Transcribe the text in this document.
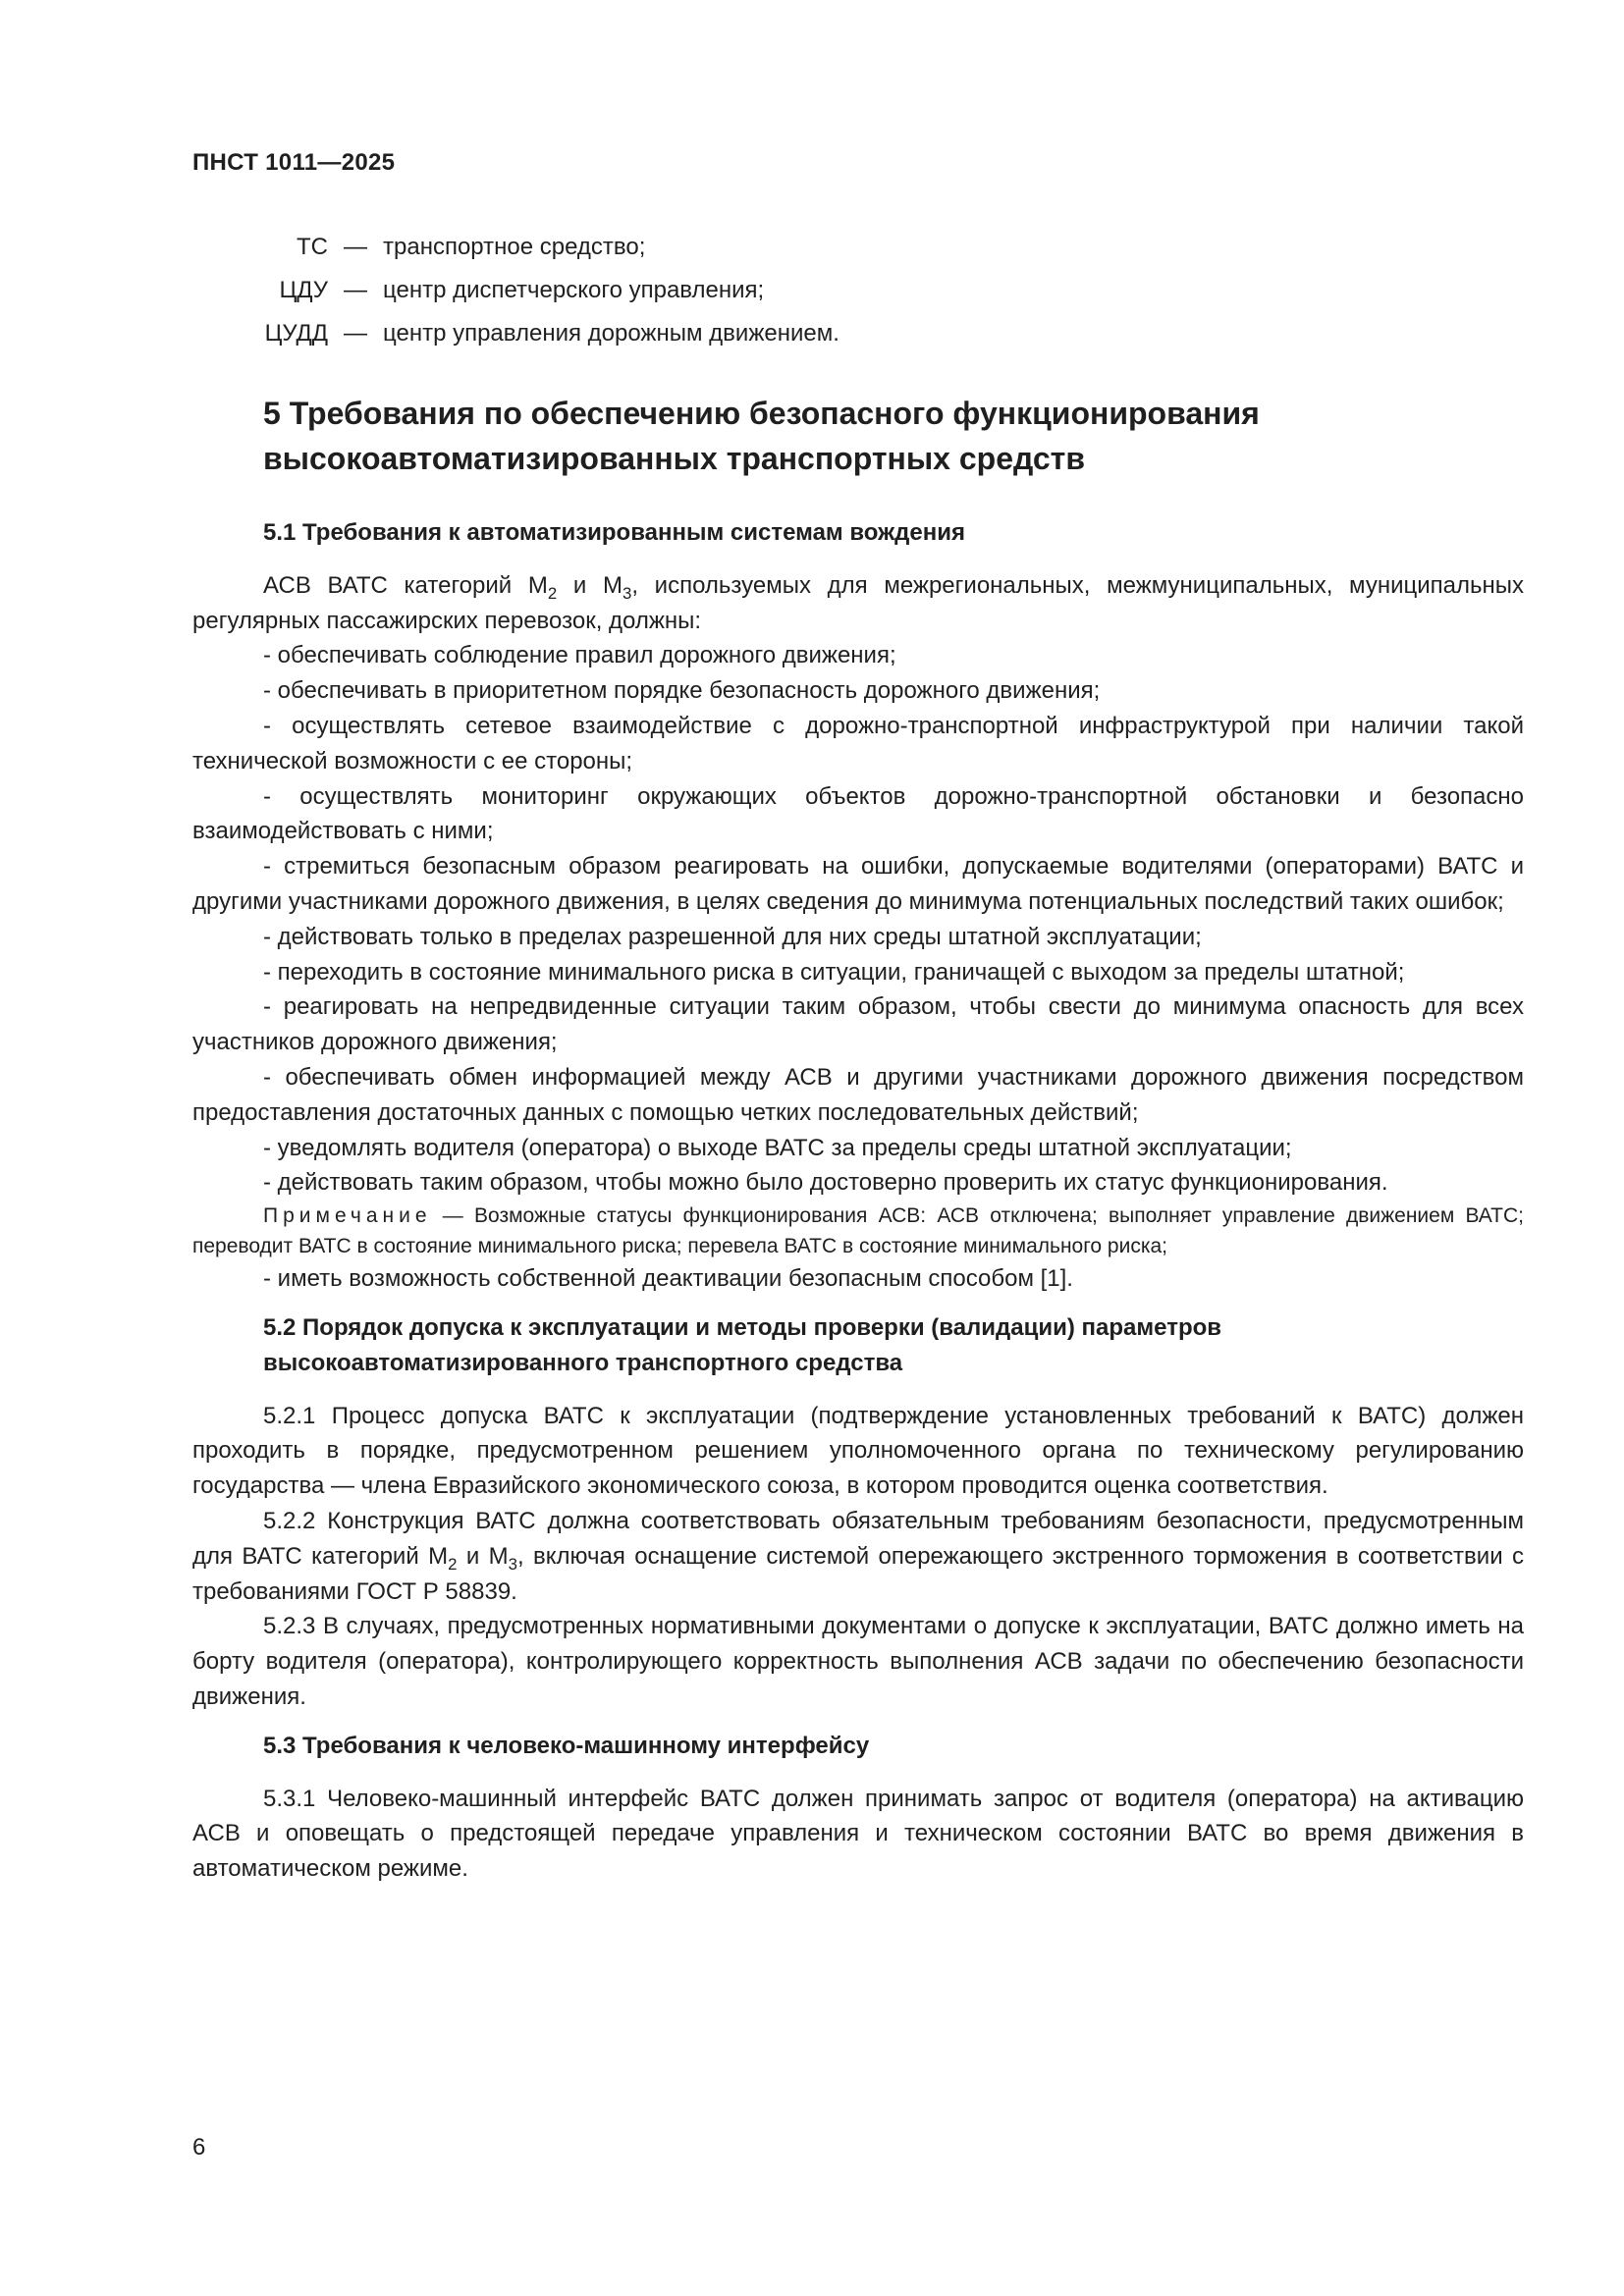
ПНСТ 1011—2025
ТС — транспортное средство;
ЦДУ — центр диспетчерского управления;
ЦУДД — центр управления дорожным движением.
5 Требования по обеспечению безопасного функционирования
высокоавтоматизированных транспортных средств
5.1 Требования к автоматизированным системам вождения

АСВ ВАТС категорий $М_2$ и $М_3$, используемых для межрегиональных, межмуниципальных, муниципальных регулярных пассажирских перевозок, должны:

- обеспечивать соблюдение правил дорожного движения;

- обеспечивать в приоритетном порядке безопасность дорожного движения;

- осуществлять сетевое взаимодействие с дорожно-транспортной инфраструктурой при наличии такой технической возможности с ее стороны;

- осуществлять мониторинг окружающих объектов дорожно-транспортной обстановки и безопасно взаимодействовать с ними;

- стремиться безопасным образом реагировать на ошибки, допускаемые водителями (операторами) ВАТС и другими участниками дорожного движения, в целях сведения до минимума потенциальных последствий таких ошибок;

- действовать только в пределах разрешенной для них среды штатной эксплуатации;

- переходить в состояние минимального риска в ситуации, граничащей с выходом за пределы штатной;

- реагировать на непредвиденные ситуации таким образом, чтобы свести до минимума опасность для всех участников дорожного движения;

- обеспечивать обмен информацией между АСВ и другими участниками дорожного движения посредством предоставления достаточных данных с помощью четких последовательных действий;

- уведомлять водителя (оператора) о выходе ВАТС за пределы среды штатной эксплуатации;

- действовать таким образом, чтобы можно было достоверно проверить их статус функционирования.

Примечание — Возможные статусы функционирования АСВ: АСВ отключена; выполняет управление движением ВАТС; переводит ВАТС в состояние минимального риска; перевела ВАТС в состояние минимального риска;

- иметь возможность собственной деактивации безопасным способом [1].

5.2 Порядок допуска к эксплуатации и методы проверки (валидации) параметров
высокоавтоматизированного транспортного средства

5.2.1 Процесс допуска ВАТС к эксплуатации (подтверждение установленных требований к ВАТС) должен проходить в порядке, предусмотренном решением уполномоченного органа по техническому регулированию государства — члена Евразийского экономического союза, в котором проводится оценка соответствия.

5.2.2 Конструкция ВАТС должна соответствовать обязательным требованиям безопасности, предусмотренным для ВАТС категорий $М_2$ и $М_3$, включая оснащение системой опережающего экстренного торможения в соответствии с требованиями ГОСТ Р 58839.

5.2.3 В случаях, предусмотренных нормативными документами о допуске к эксплуатации, ВАТС должно иметь на борту водителя (оператора), контролирующего корректность выполнения АСВ задачи по обеспечению безопасности движения.

5.3 Требования к человеко-машинному интерфейсу

5.3.1 Человеко-машинный интерфейс ВАТС должен принимать запрос от водителя (оператора) на активацию АСВ и оповещать о предстоящей передаче управления и техническом состоянии ВАТС во время движения в автоматическом режиме.

6
